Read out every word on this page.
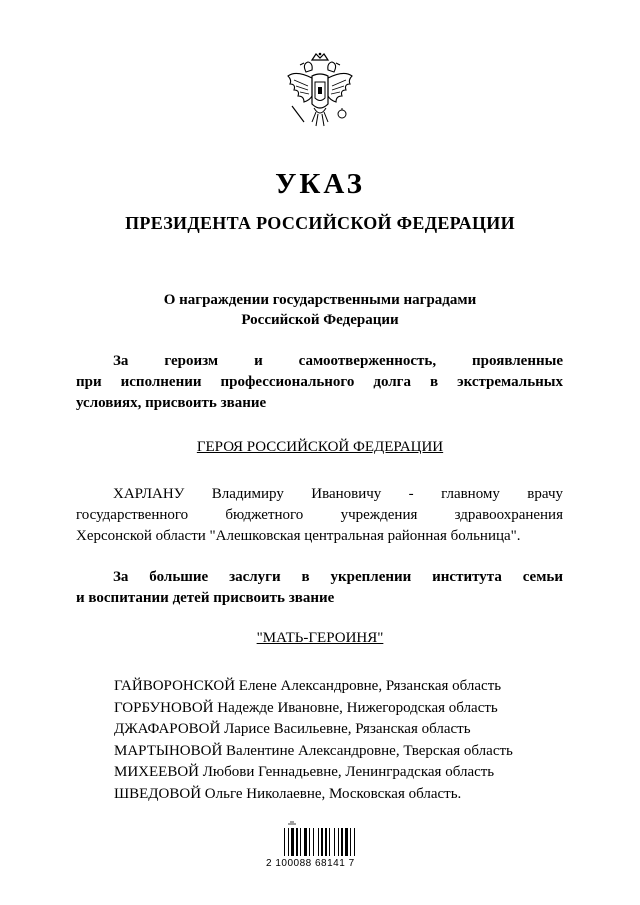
УКАЗ
ПРЕЗИДЕНТА РОССИЙСКОЙ ФЕДЕРАЦИИ
О награждении государственными наградами
Российской Федерации
За героизм и самоотверженность, проявленные
при исполнении профессионального долга в экстремальных
условиях, присвоить звание
ГЕРОЯ РОССИЙСКОЙ ФЕДЕРАЦИИ
ХАРЛАНУ Владимиру Ивановичу - главному врачу
государственного бюджетного учреждения здравоохранения
Херсонской области "Алешковская центральная районная больница".
За большие заслуги в укреплении института семьи
и воспитании детей присвоить звание
"МАТЬ-ГЕРОИНЯ"
ГАЙВОРОНСКОЙ Елене Александровне, Рязанская область
ГОРБУНОВОЙ Надежде Ивановне, Нижегородская область
ДЖАФАРОВОЙ Ларисе Васильевне, Рязанская область
МАРТЫНОВОЙ Валентине Александровне, Тверская область
МИХЕЕВОЙ Любови Геннадьевне, Ленинградская область
ШВЕДОВОЙ Ольге Николаевне, Московская область.
2 100088 68141 7
